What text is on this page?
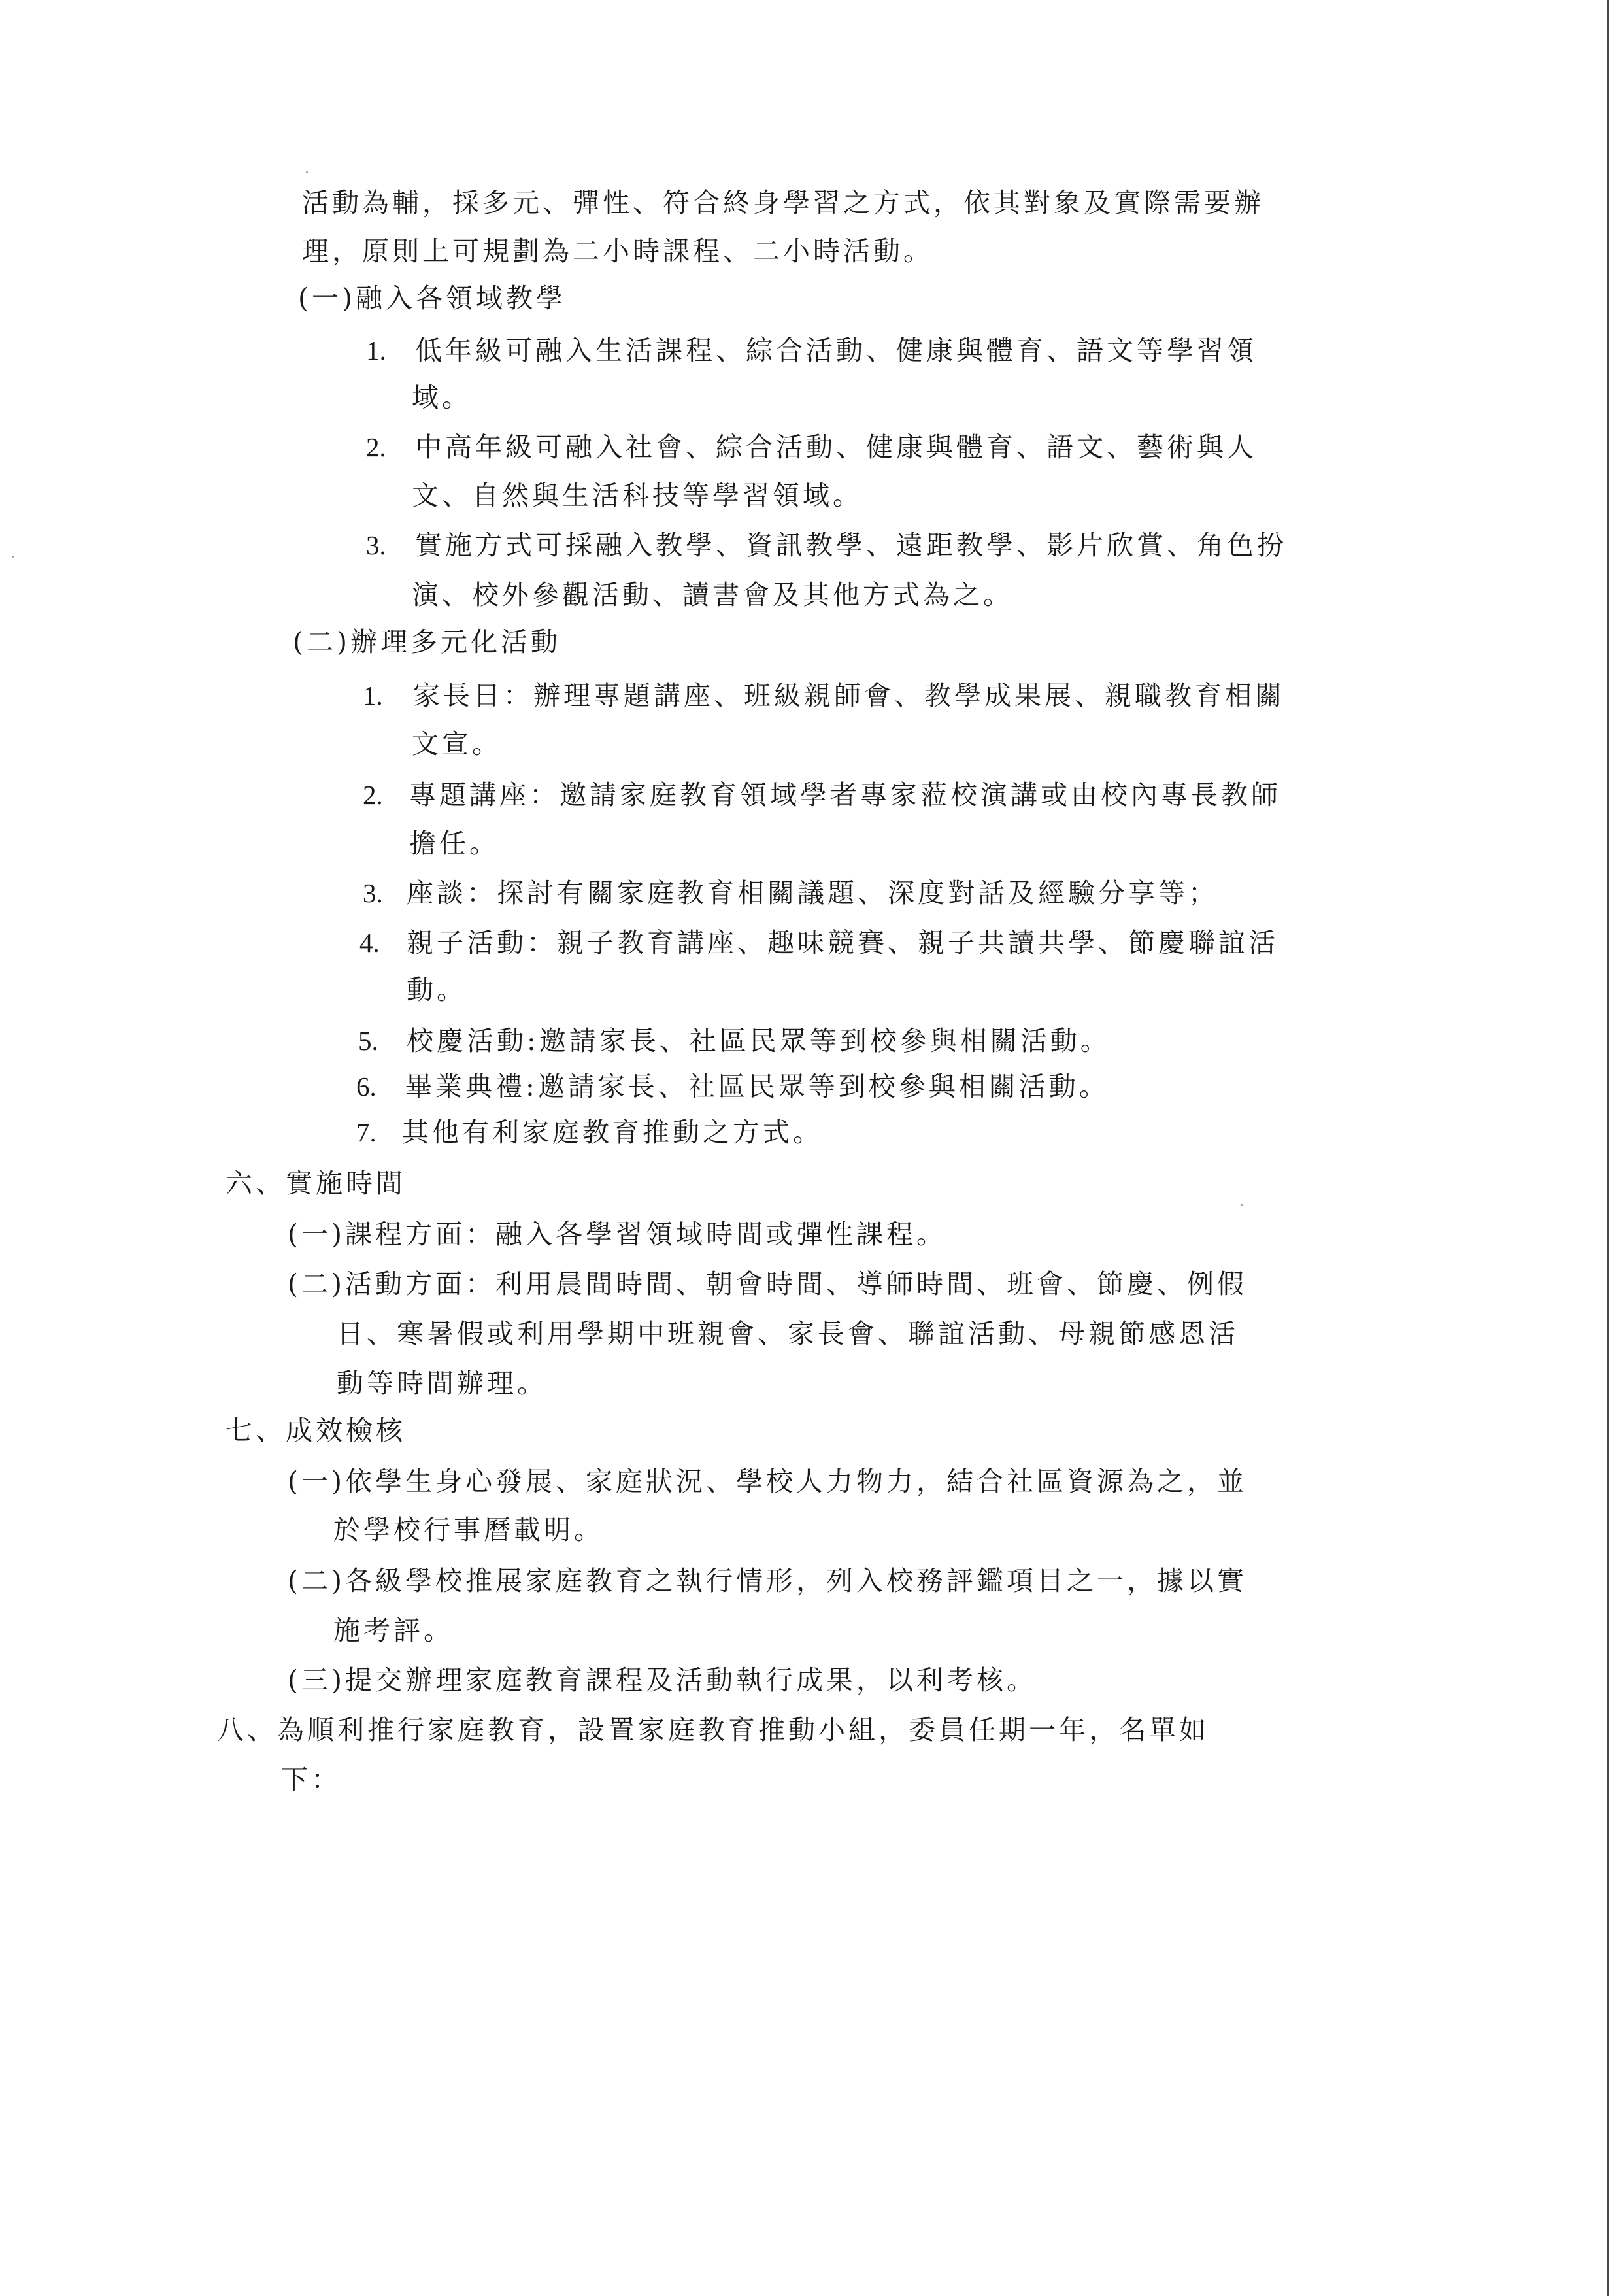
活動為輔，採多元、彈性、符合終身學習之方式，依其對象及實際需要辦
理，原則上可規劃為二小時課程、二小時活動。
(一)融入各領域教學
1. 低年級可融入生活課程、綜合活動、健康與體育、語文等學習領
域。
2. 中高年級可融入社會、綜合活動、健康與體育、語文、藝術與人
文、自然與生活科技等學習領域。
3. 實施方式可採融入教學、資訊教學、遠距教學、影片欣賞、角色扮
演、校外參觀活動、讀書會及其他方式為之。
(二)辦理多元化活動
1. 家長日：辦理專題講座、班級親師會、教學成果展、親職教育相關
文宣。
2. 專題講座：邀請家庭教育領域學者專家蒞校演講或由校內專長教師
擔任。
3. 座談：探討有關家庭教育相關議題、深度對話及經驗分享等；
4. 親子活動：親子教育講座、趣味競賽、親子共讀共學、節慶聯誼活
動。
5. 校慶活動:邀請家長、社區民眾等到校參與相關活動。
6. 畢業典禮:邀請家長、社區民眾等到校參與相關活動。
7. 其他有利家庭教育推動之方式。
六、實施時間
(一)課程方面：融入各學習領域時間或彈性課程。
(二)活動方面：利用晨間時間、朝會時間、導師時間、班會、節慶、例假
日、寒暑假或利用學期中班親會、家長會、聯誼活動、母親節感恩活
動等時間辦理。
七、成效檢核
(一)依學生身心發展、家庭狀況、學校人力物力，結合社區資源為之，並
於學校行事曆載明。
(二)各級學校推展家庭教育之執行情形，列入校務評鑑項目之一，據以實
施考評。
(三)提交辦理家庭教育課程及活動執行成果，以利考核。
八、為順利推行家庭教育，設置家庭教育推動小組，委員任期一年，名單如
下：
